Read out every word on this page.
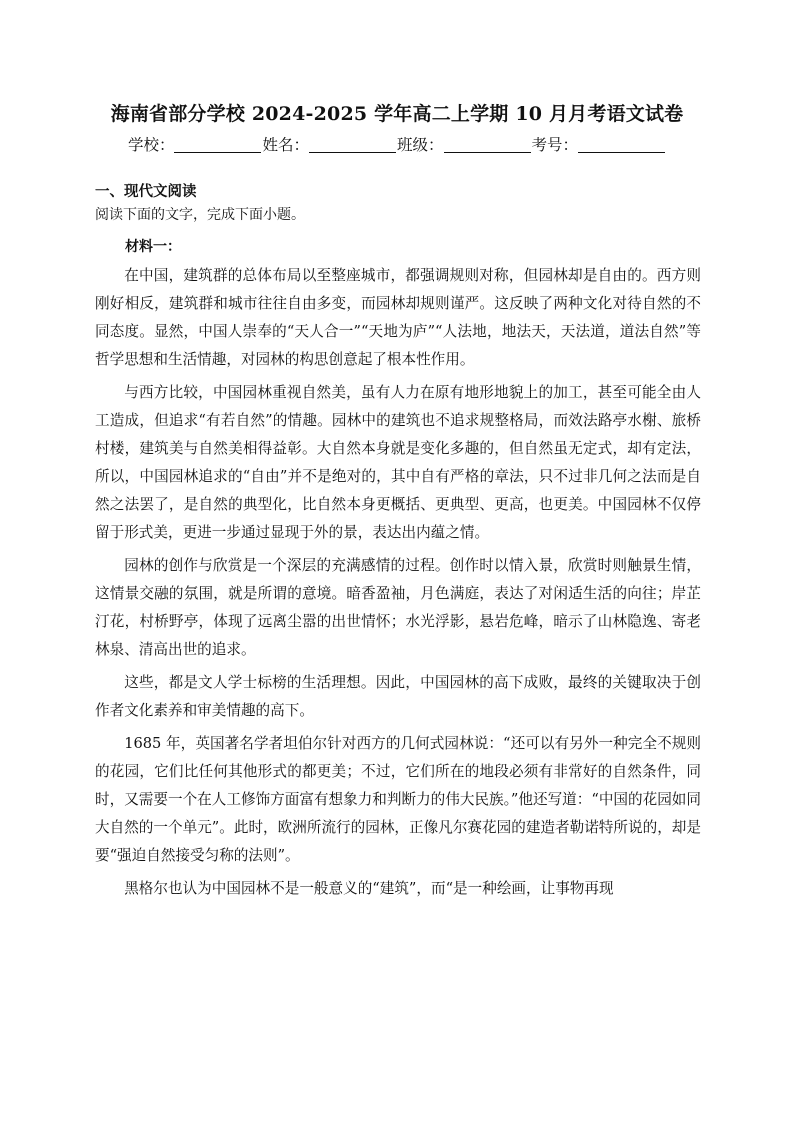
海南省部分学校 2024-2025 学年高二上学期 10 月月考语文试卷
学校：	姓名：	班级：	考号：
一、现代文阅读
阅读下面的文字，完成下面小题。
材料一：

在中国，建筑群的总体布局以至整座城市，都强调规则对称，但园林却是自由的。西方则刚好相反，建筑群和城市往往自由多变，而园林却规则谨严。这反映了两种文化对待自然的不同态度。显然，中国人崇奉的“天人合一”“天地为庐”“人法地，地法天，天法道，道法自然”等哲学思想和生活情趣，对园林的构思创意起了根本性作用。

与西方比较，中国园林重视自然美，虽有人力在原有地形地貌上的加工，甚至可能全由人工造成，但追求“有若自然”的情趣。园林中的建筑也不追求规整格局，而效法路亭水榭、旅桥村楼，建筑美与自然美相得益彰。大自然本身就是变化多趣的，但自然虽无定式，却有定法，所以，中国园林追求的“自由”并不是绝对的，其中自有严格的章法，只不过非几何之法而是自然之法罢了，是自然的典型化，比自然本身更概括、更典型、更高，也更美。中国园林不仅停留于形式美，更进一步通过显现于外的景，表达出内蕴之情。

园林的创作与欣赏是一个深层的充满感情的过程。创作时以情入景，欣赏时则触景生情，这情景交融的氛围，就是所谓的意境。暗香盈袖，月色满庭，表达了对闲适生活的向往；岸芷汀花，村桥野亭，体现了远离尘嚣的出世情怀；水光浮影，悬岩危峰，暗示了山林隐逸、寄老林泉、清高出世的追求。

这些，都是文人学士标榜的生活理想。因此，中国园林的高下成败，最终的关键取决于创作者文化素养和审美情趣的高下。

1685 年，英国著名学者坦伯尔针对西方的几何式园林说：“还可以有另外一种完全不规则的花园，它们比任何其他形式的都更美；不过，它们所在的地段必须有非常好的自然条件，同时，又需要一个在人工修饰方面富有想象力和判断力的伟大民族。”他还写道：“中国的花园如同大自然的一个单元”。此时，欧洲所流行的园林，正像凡尔赛花园的建造者勒诺特所说的，却是要“强迫自然接受匀称的法则”。

黑格尔也认为中国园林不是一般意义的“建筑”，而“是一种绘画，让事物再现
